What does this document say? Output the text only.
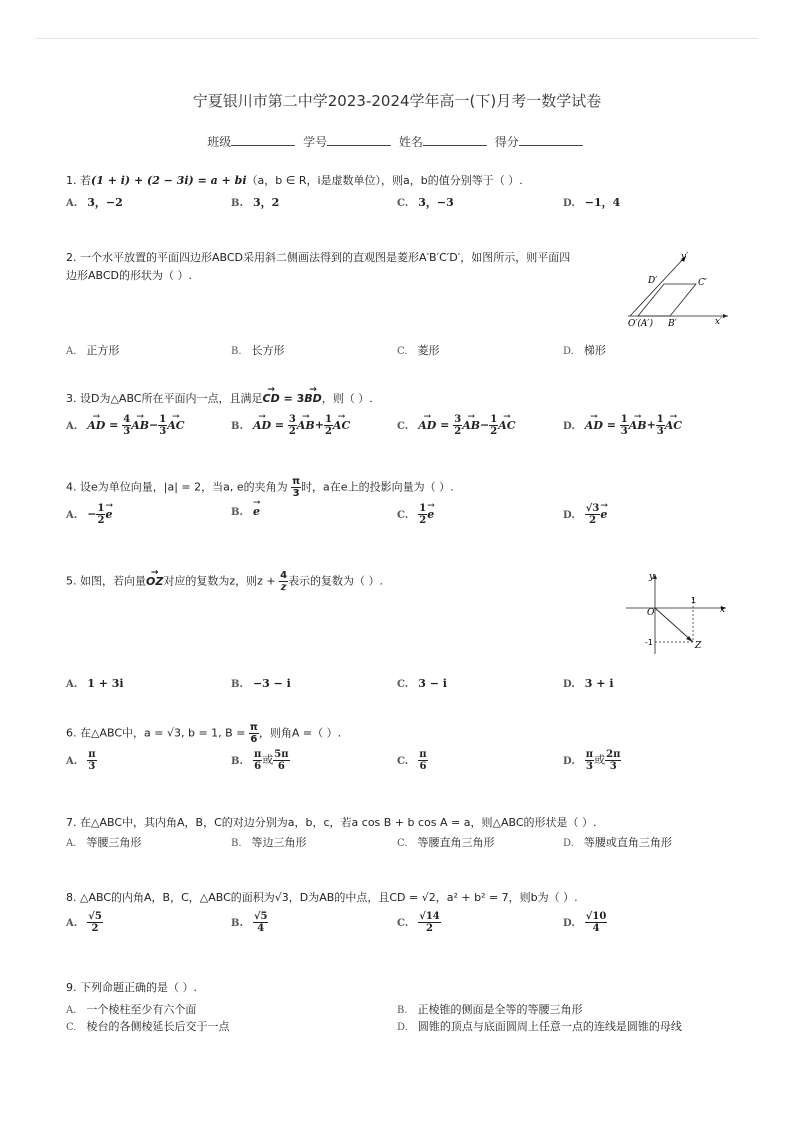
宁夏银川市第二中学2023-2024学年高一(下)月考一数学试卷
班级	学号	姓名	得分
1. 若(1 + i) + (2 − 3i) = a + bi（a，b ∈ R，i是虚数单位），则a，b的值分别等于（ ）.
A. 3，−2	B. 3，2	C. 3，−3	D. −1，4
2. 一个水平放置的平面四边形ABCD采用斜二侧画法得到的直观图是菱形A′B′C′D′，如图所示，则平面四
边形ABCD的形状为（ ）.
y′
x′
D′	C′
O′(A′) B′
A. 正方形	B. 长方形	C. 菱形	D. 梯形
3. 设D为△ABC所在平面内一点，且满足→ CD = 3→ BD，则（ ）.
A.→ AD = $\frac{4}{3}$
→ $AB- \frac{1}{3}$
→ AC	B.→ AD = $\frac{3}{2}$
→ $AB+ \frac{1}{2}$
→ AC	C.→ AD = $\frac{3}{2}$
→ $AB- \frac{1}{2}$
→ AC	D.→ AD = $\frac{1}{3}$
→ $AB+ \frac{1}{3}$
→ AC
4. 设e为单位向量，|a| = 2，当a, e的夹角为 $\frac{\pi}{3}$ 时，a在e上的投影向量为（ ）.
A. − $\frac{1}{2}$
→ e	B.→ e	C. $\frac{1}{2}$
→ e	D. $\frac{√3}{2}$
→ e
5. 如图，若向量→ OZ对应的复数为z，则$z + \frac{4}{z}$ 表示的复数为（ ）.	y
x
O
1
-1	Z
A. 1 + 3i	B. −3 − i	C. 3 − i	D. 3 + i
6. 在△ABC中，a = √3, b = 1, $B = \frac{\pi}{6}$ ，则角A =（ ）.
A. $\frac{\pi}{3}$	B. $\frac{\pi}{6}$ 或 $\frac{5\pi}{6}$	C. $\frac{\pi}{6}$	D. $\frac{\pi}{3}$ 或 $\frac{2\pi}{3}$
7. 在△ABC中，其内角A，B，C的对边分别为a，b，c，若a cos B + b cos A = a，则△ABC的形状是（ ）.
A. 等腰三角形	B. 等边三角形	C. 等腰直角三角形	D. 等腰或直角三角形
8. △ABC的内角A，B，C，△ABC的面积为√3，D为AB的中点，且CD = √2，a² + b² = 7，则b为（ ）.
A. $\frac{√5}{2}$	B. $\frac{√5}{4}$	C. $\frac{√14}{2}$	D. $\frac{√10}{4}$
9. 下列命题正确的是（ ）.
A. 一个棱柱至少有六个面	B. 正棱锥的侧面是全等的等腰三角形
C. 棱台的各侧棱延长后交于一点	D. 圆锥的顶点与底面圆周上任意一点的连线是圆锥的母线
